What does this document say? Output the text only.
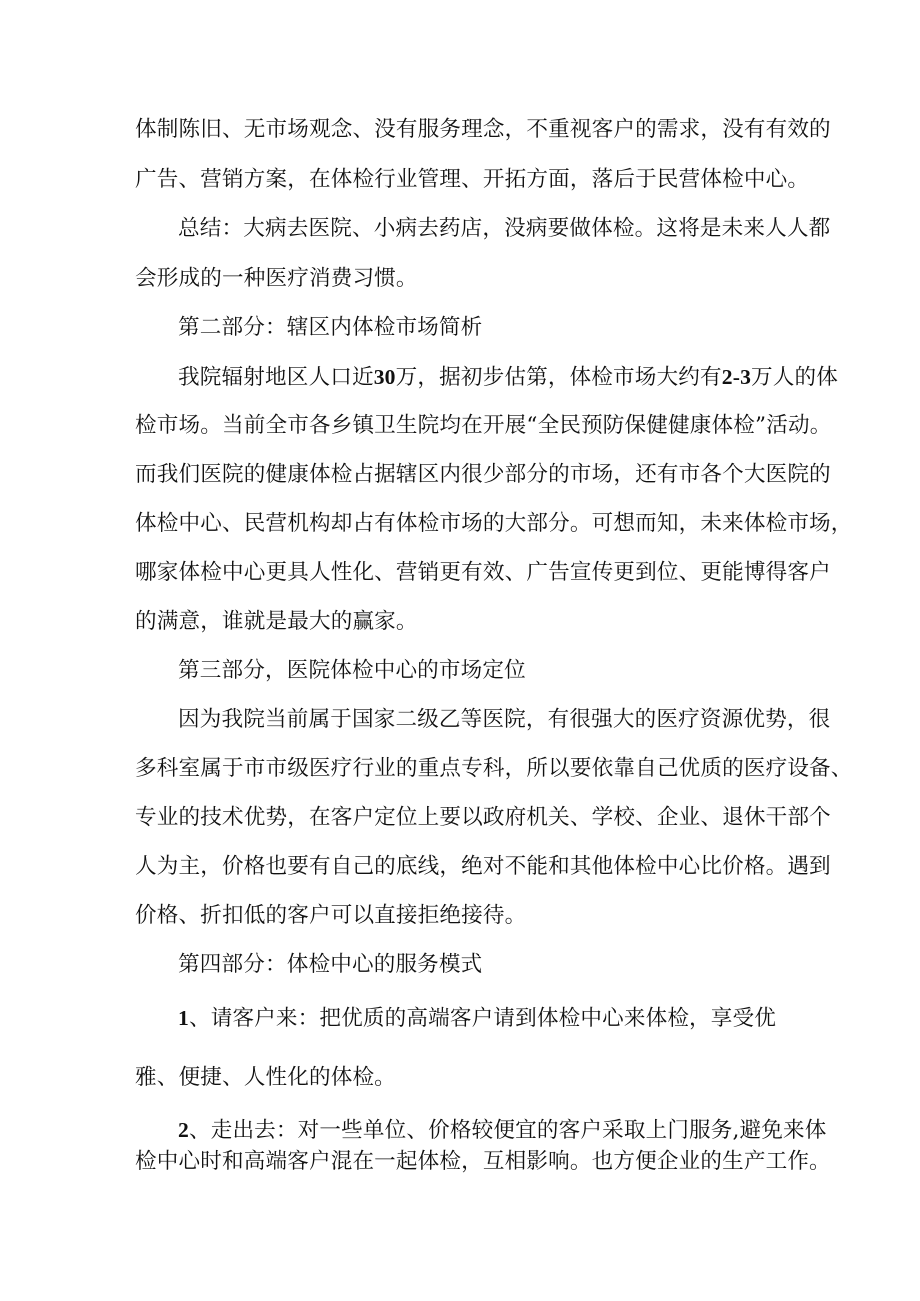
体制陈旧、无市场观念、没有服务理念，不重视客户的需求，没有有效的
广告、营销方案，在体检行业管理、开拓方面，落后于民营体检中心。
总结：大病去医院、小病去药店，没病要做体检。这将是未来人人都
会形成的一种医疗消费习惯。
第二部分：辖区内体检市场简析
我院辐射地区人口近30万，据初步估第，体检市场大约有2-3万人的体
检市场。当前全市各乡镇卫生院均在开展“全民预防保健健康体检”活动。
而我们医院的健康体检占据辖区内很少部分的市场，还有市各个大医院的
体检中心、民营机构却占有体检市场的大部分。可想而知，未来体检市场，
哪家体检中心更具人性化、营销更有效、广告宣传更到位、更能博得客户
的满意，谁就是最大的赢家。
第三部分，医院体检中心的市场定位
因为我院当前属于国家二级乙等医院，有很强大的医疗资源优势，很
多科室属于市市级医疗行业的重点专科，所以要依靠自己优质的医疗设备、
专业的技术优势，在客户定位上要以政府机关、学校、企业、退休干部个
人为主，价格也要有自己的底线，绝对不能和其他体检中心比价格。遇到
价格、折扣低的客户可以直接拒绝接待。
第四部分：体检中心的服务模式
1、请客户来：把优质的高端客户请到体检中心来体检，享受优
雅、便捷、人性化的体检。
2、走出去：对一些单位、价格较便宜的客户采取上门服务,避免来体
检中心时和高端客户混在一起体检，互相影响。也方便企业的生产工作。
